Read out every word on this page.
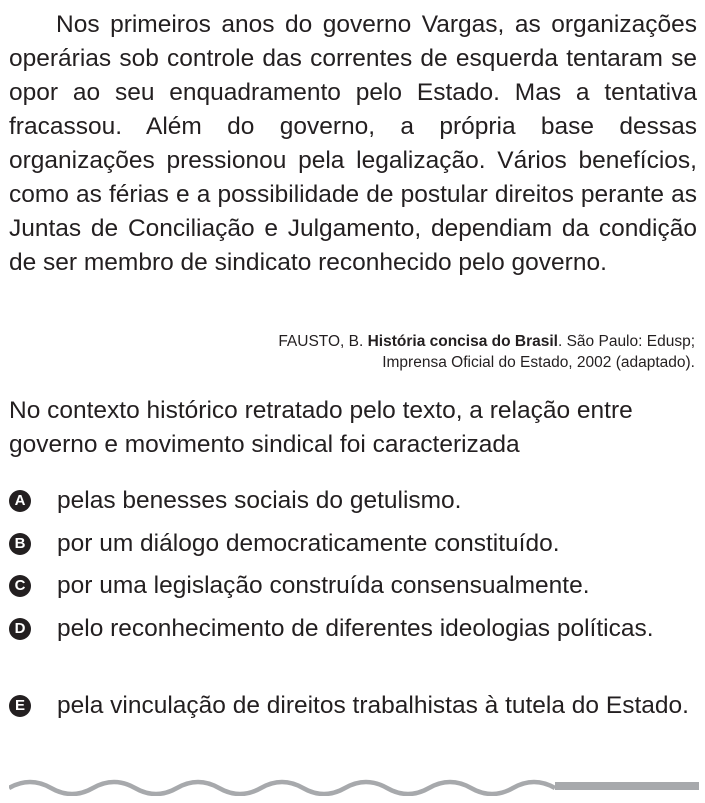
Nos primeiros anos do governo Vargas, as organizações operárias sob controle das correntes de esquerda tentaram se opor ao seu enquadramento pelo Estado. Mas a tentativa fracassou. Além do governo, a própria base dessas organizações pressionou pela legalização. Vários benefícios, como as férias e a possibilidade de postular direitos perante as Juntas de Conciliação e Julgamento, dependiam da condição de ser membro de sindicato reconhecido pelo governo.

FAUSTO, B. História concisa do Brasil. São Paulo: Edusp;
Imprensa Oficial do Estado, 2002 (adaptado).

No contexto histórico retratado pelo texto, a relação entre governo e movimento sindical foi caracterizada

A pelas benesses sociais do getulismo.
B por um diálogo democraticamente constituído.
C por uma legislação construída consensualmente.
D pelo reconhecimento de diferentes ideologias políticas.
E pela vinculação de direitos trabalhistas à tutela do Estado.
